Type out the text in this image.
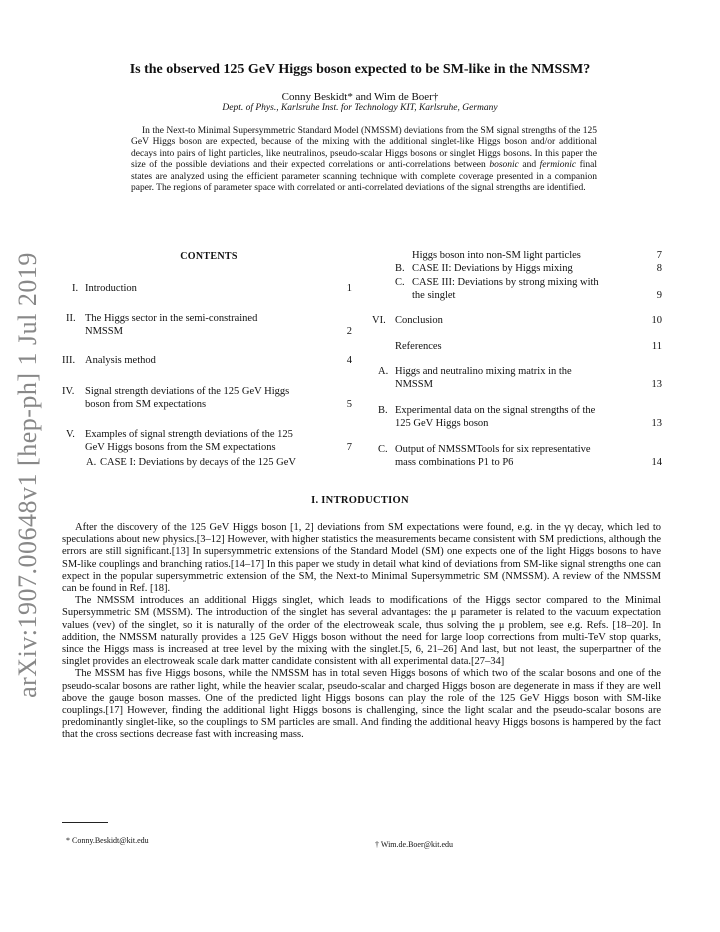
arXiv:1907.00648v1 [hep-ph] 1 Jul 2019
Is the observed 125 GeV Higgs boson expected to be SM-like in the NMSSM?
Conny Beskidt* and Wim de Boer†
Dept. of Phys., Karlsruhe Inst. for Technology KIT, Karlsruhe, Germany
In the Next-to Minimal Supersymmetric Standard Model (NMSSM) deviations from the SM signal strengths of the 125 GeV Higgs boson are expected, because of the mixing with the additional singlet-like Higgs boson and/or additional decays into pairs of light particles, like neutralinos, pseudo-scalar Higgs bosons or singlet Higgs bosons. In this paper the size of the possible deviations and their expected correlations or anti-correlations between bosonic and fermionic final states are analyzed using the efficient parameter scanning technique with complete coverage presented in a companion paper. The regions of parameter space with correlated or anti-correlated deviations of the signal strengths are identified.
CONTENTS
I. Introduction	1
II. The Higgs sector in the semi-constrained
NMSSM	2
III. Analysis method	4
IV.	Signal strength deviations of the 125 GeV Higgs
boson from SM expectations	5
V. Examples of signal strength deviations of the 125
GeV Higgs bosons from the SM expectations	7
A. CASE I: Deviations by decays of the 125 GeV
Higgs boson into non-SM light particles	7
B. CASE II: Deviations by Higgs mixing	8
C. CASE III: Deviations by strong mixing with
the singlet	9
VI. Conclusion	10
References	11
A. Higgs and neutralino mixing matrix in the
NMSSM	13
B. Experimental data on the signal strengths of the
125 GeV Higgs boson	13
C. Output of NMSSMTools for six representative
mass combinations P1 to P6	14
I. INTRODUCTION

After the discovery of the 125 GeV Higgs boson [1, 2] deviations from SM expectations were found, e.g. in the γγ decay, which led to speculations about new physics.[3–12] However, with higher statistics the measurements became consistent with SM predictions, although the errors are still significant.[13] In supersymmetric extensions of the Standard Model (SM) one expects one of the light Higgs bosons to have SM-like couplings and branching ratios.[14–17] In this paper we study in detail what kind of deviations from SM-like signal strengths one can expect in the popular supersymmetric extension of the SM, the Next-to Minimal Supersymmetric SM (NMSSM). A review of the NMSSM can be found in Ref. [18].

The NMSSM introduces an additional Higgs singlet, which leads to modifications of the Higgs sector compared to the Minimal Supersymmetric SM (MSSM). The introduction of the singlet has several advantages: the μ parameter is related to the vacuum expectation values (vev) of the singlet, so it is naturally of the order of the electroweak scale, thus solving the μ problem, see e.g. Refs. [18–20]. In addition, the NMSSM naturally provides a 125 GeV Higgs boson without the need for large loop corrections from multi-TeV stop quarks, since the Higgs mass is increased at tree level by the mixing with the singlet.[5, 6, 21–26] And last, but not least, the superpartner of the singlet provides an electroweak scale dark matter candidate consistent with all experimental data.[27–34]

The MSSM has five Higgs bosons, while the NMSSM has in total seven Higgs bosons of which two of the scalar bosons and one of the pseudo-scalar bosons are rather light, while the heavier scalar, pseudo-scalar and charged Higgs boson are degenerate in mass if they are well above the gauge boson masses. One of the predicted light Higgs bosons can play the role of the 125 GeV Higgs boson with SM-like couplings.[17] However, finding the additional light Higgs bosons is challenging, since the light scalar and the pseudo-scalar bosons are predominantly singlet-like, so the couplings to SM particles are small. And finding the additional heavy Higgs bosons is hampered by the fact that the cross sections decrease fast with increasing mass.

* Conny.Beskidt@kit.edu	† Wim.de.Boer@kit.edu
